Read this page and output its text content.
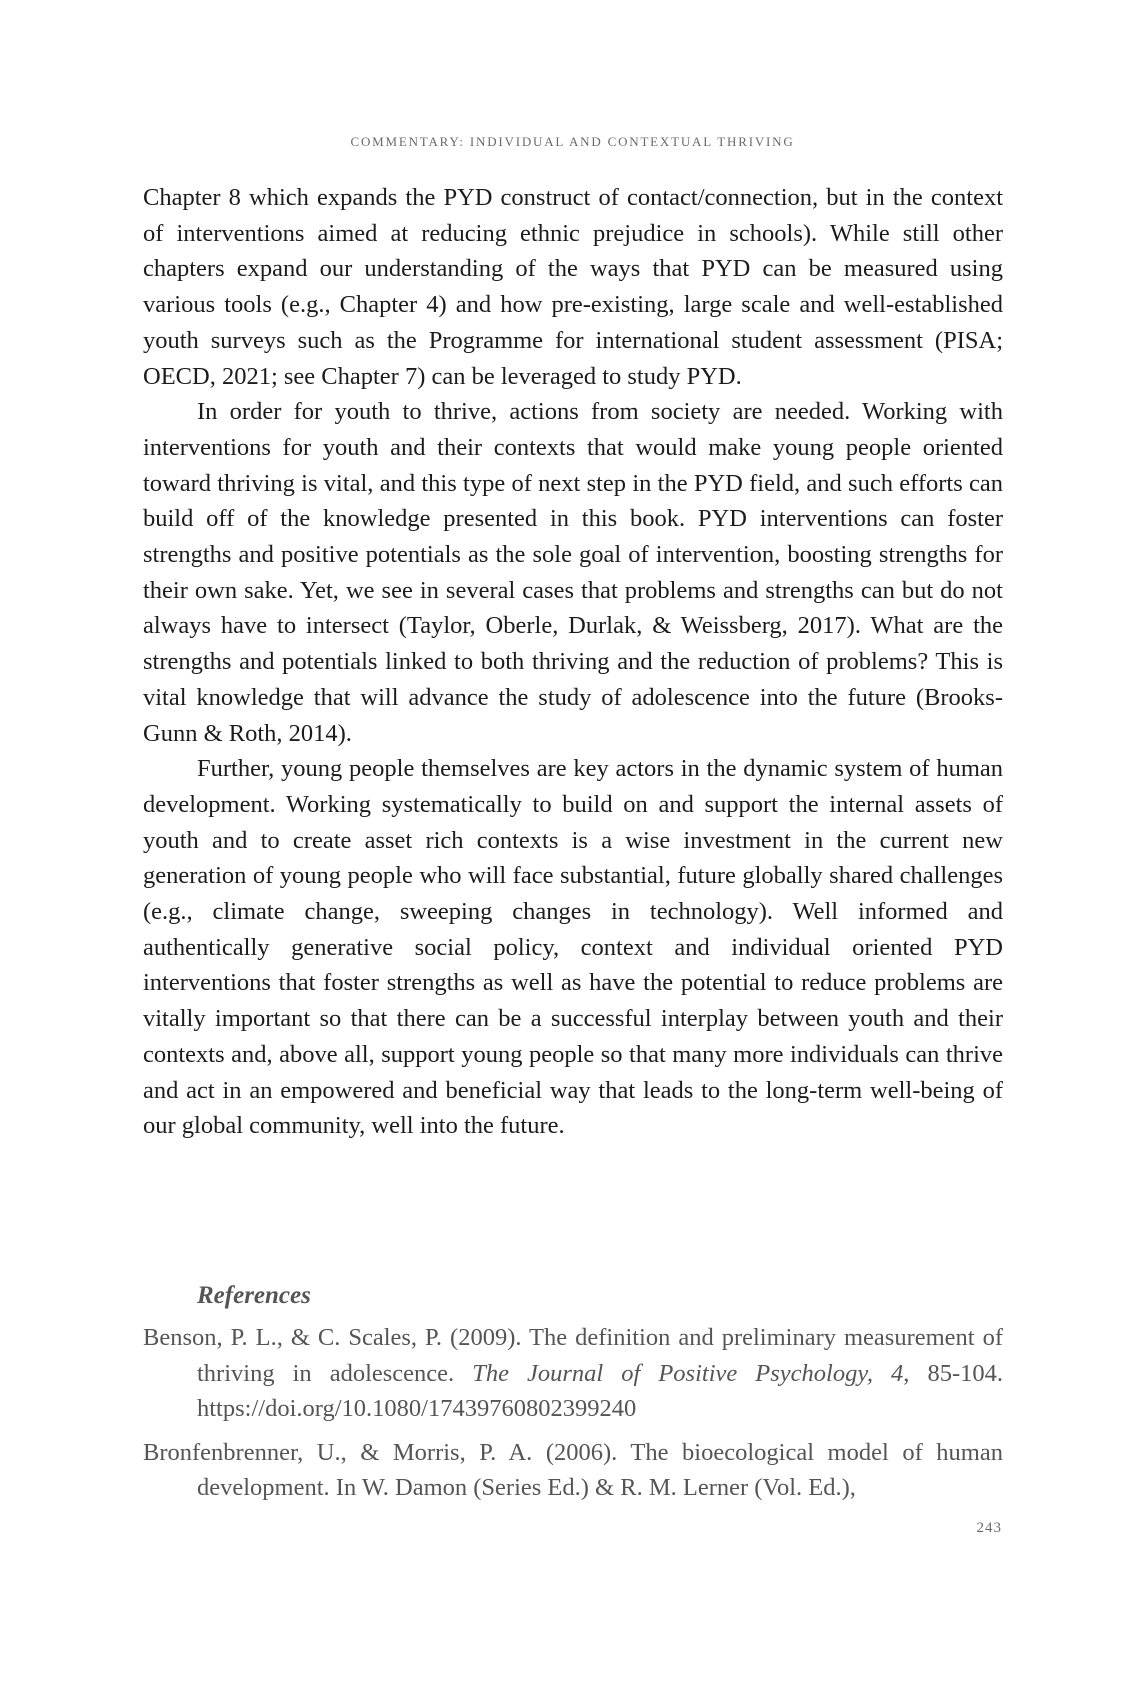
COMMENTARY: INDIVIDUAL AND CONTEXTUAL THRIVING

Chapter 8 which expands the PYD construct of contact/connection, but in the context of interventions aimed at reducing ethnic prejudice in schools). While still other chapters expand our understanding of the ways that PYD can be measured using various tools (e.g., Chapter 4) and how pre-existing, large scale and well-established youth surveys such as the Programme for international student assessment (PISA; OECD, 2021; see Chapter 7) can be leveraged to study PYD.

In order for youth to thrive, actions from society are needed. Working with interventions for youth and their contexts that would make young people oriented toward thriving is vital, and this type of next step in the PYD field, and such efforts can build off of the knowledge presented in this book. PYD interventions can foster strengths and positive potentials as the sole goal of intervention, boosting strengths for their own sake. Yet, we see in several cases that problems and strengths can but do not always have to intersect (Taylor, Oberle, Durlak, & Weissberg, 2017). What are the strengths and potentials linked to both thriving and the reduction of problems? This is vital knowledge that will advance the study of adolescence into the future (Brooks-Gunn & Roth, 2014).

Further, young people themselves are key actors in the dynamic system of human development. Working systematically to build on and support the internal assets of youth and to create asset rich contexts is a wise investment in the current new generation of young people who will face substantial, future globally shared challenges (e.g., climate change, sweeping changes in technology). Well informed and authentically generative social policy, context and individual oriented PYD interventions that foster strengths as well as have the potential to reduce problems are vitally important so that there can be a successful interplay between youth and their contexts and, above all, support young people so that many more individuals can thrive and act in an empowered and beneficial way that leads to the long-term well-being of our global community, well into the future.

References

Benson, P. L., & C. Scales, P. (2009). The definition and preliminary measurement of thriving in adolescence. The Journal of Positive Psychology, 4, 85-104. https://doi.org/10.1080/17439760802399240

Bronfenbrenner, U., & Morris, P. A. (2006). The bioecological model of human development. In W. Damon (Series Ed.) & R. M. Lerner (Vol. Ed.),

243
